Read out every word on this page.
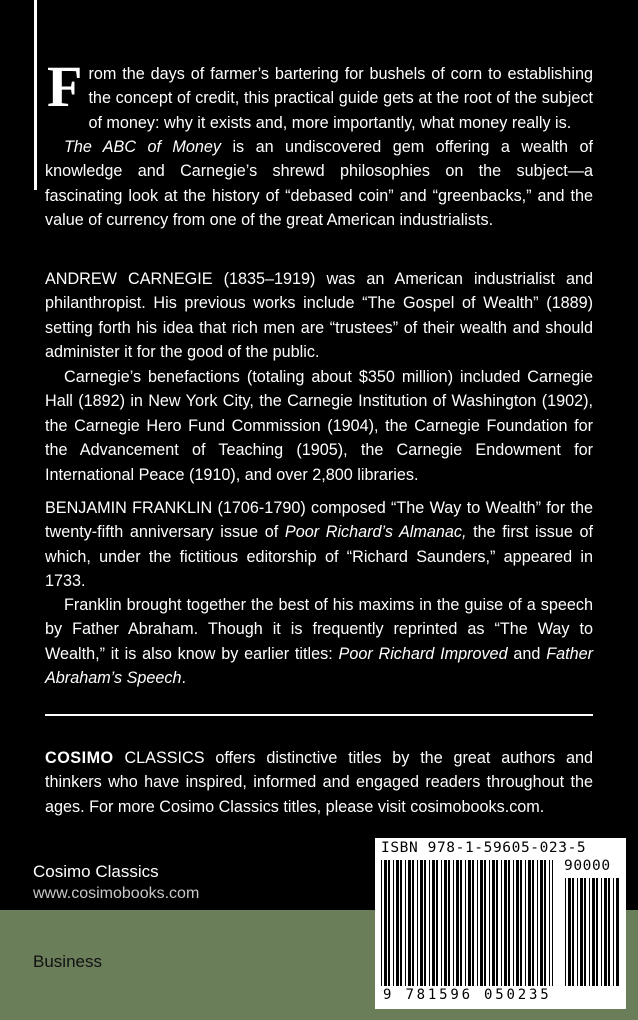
From the days of farmer’s bartering for bushels of corn to establishing the concept of credit, this practical guide gets at the root of the subject of money: why it exists and, more importantly, what money really is.

The ABC of Money is an undiscovered gem offering a wealth of knowledge and Carnegie’s shrewd philosophies on the subject—a fascinating look at the history of “debased coin” and “greenbacks,” and the value of currency from one of the great American industrialists.

ANDREW CARNEGIE (1835–1919) was an American industrialist and philanthropist. His previous works include “The Gospel of Wealth” (1889) setting forth his idea that rich men are “trustees” of their wealth and should administer it for the good of the public.

Carnegie’s benefactions (totaling about $350 million) included Carnegie Hall (1892) in New York City, the Carnegie Institution of Washington (1902), the Carnegie Hero Fund Commission (1904), the Carnegie Foundation for the Advancement of Teaching (1905), the Carnegie Endowment for International Peace (1910), and over 2,800 libraries.

BENJAMIN FRANKLIN (1706-1790) composed “The Way to Wealth” for the twenty-fifth anniversary issue of Poor Richard’s Almanac, the first issue of which, under the fictitious editorship of “Richard Saunders,” appeared in 1733.

Franklin brought together the best of his maxims in the guise of a speech by Father Abraham. Though it is frequently reprinted as “The Way to Wealth,” it is also know by earlier titles: Poor Richard Improved and Father Abraham’s Speech.

COSIMO CLASSICS offers distinctive titles by the great authors and thinkers who have inspired, informed and engaged readers throughout the ages. For more Cosimo Classics titles, please visit cosimobooks.com.

Cosimo Classics
www.cosimobooks.com
Business
ISBN 978-1-59605-023-5
90000
9 781596 050235
